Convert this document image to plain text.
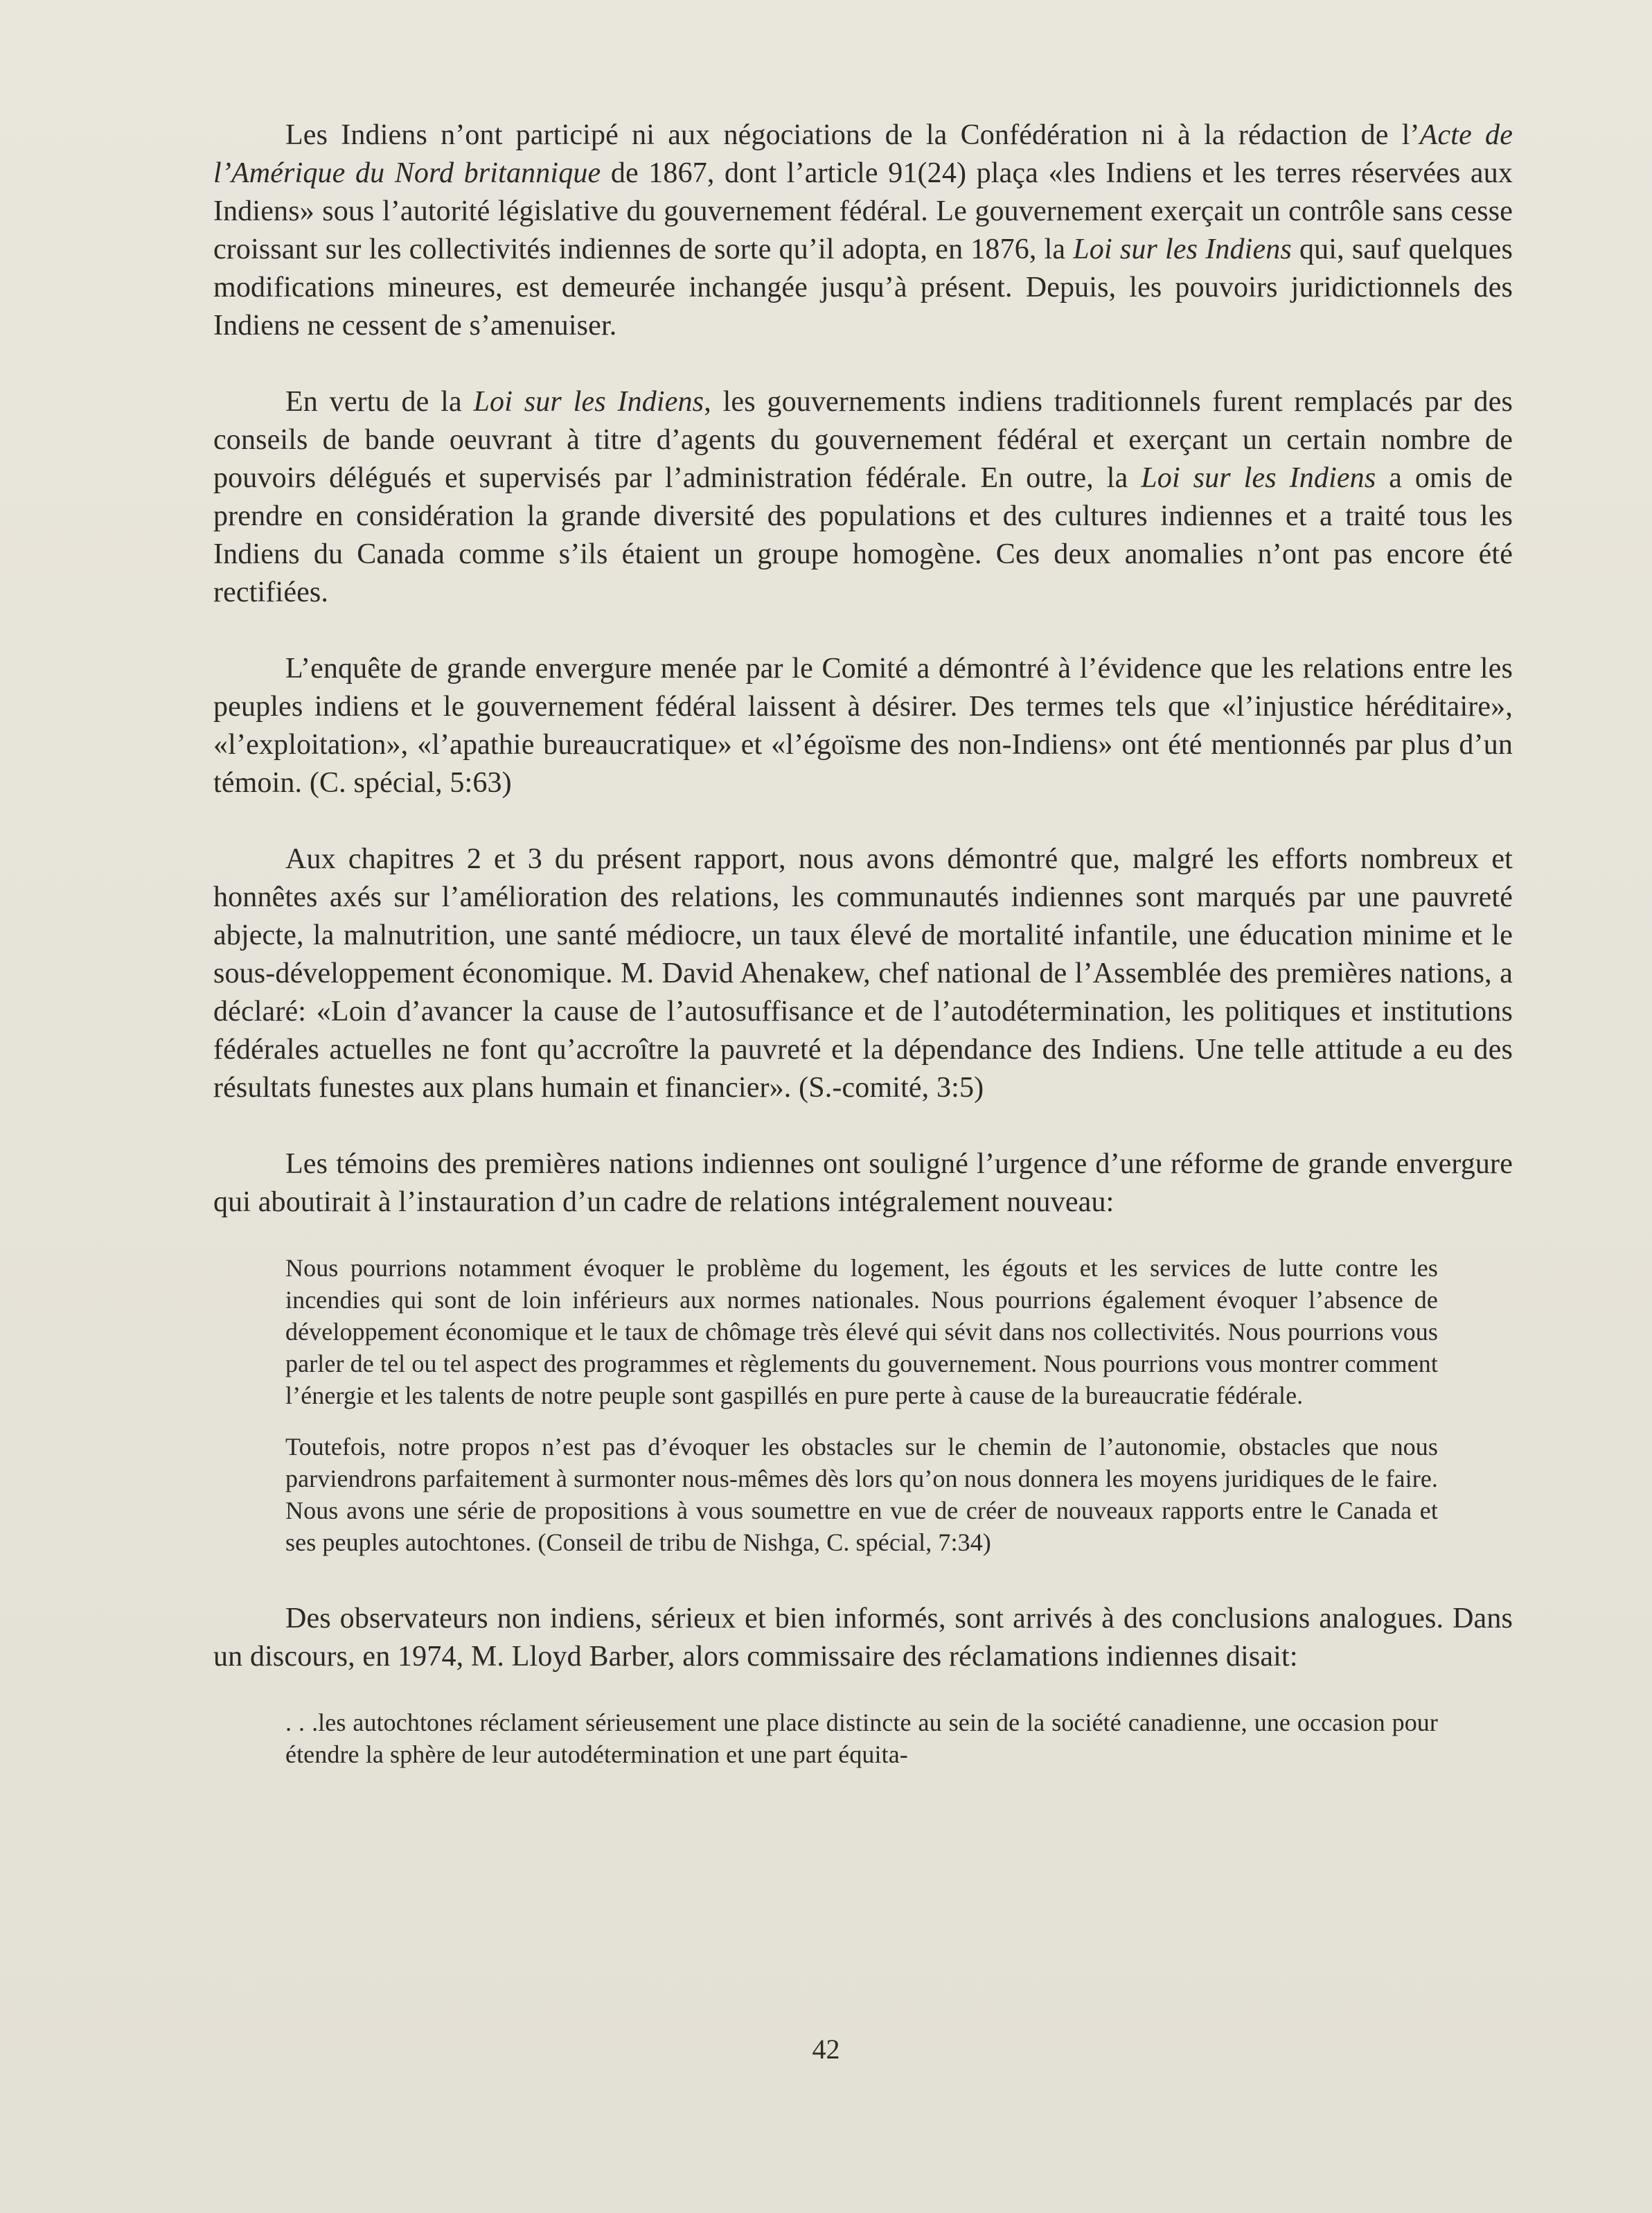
Les Indiens n’ont participé ni aux négociations de la Confédération ni à la rédaction de l’Acte de l’Amérique du Nord britannique de 1867, dont l’article 91(24) plaça «les Indiens et les terres réservées aux Indiens» sous l’autorité législative du gouvernement fédéral. Le gouvernement exerçait un contrôle sans cesse croissant sur les collectivités indiennes de sorte qu’il adopta, en 1876, la Loi sur les Indiens qui, sauf quelques modifications mineures, est demeurée inchangée jusqu’à présent. Depuis, les pouvoirs juridictionnels des Indiens ne cessent de s’amenuiser.

En vertu de la Loi sur les Indiens, les gouvernements indiens traditionnels furent remplacés par des conseils de bande oeuvrant à titre d’agents du gouvernement fédéral et exerçant un certain nombre de pouvoirs délégués et supervisés par l’administration fédérale. En outre, la Loi sur les Indiens a omis de prendre en considération la grande diversité des populations et des cultures indiennes et a traité tous les Indiens du Canada comme s’ils étaient un groupe homogène. Ces deux anomalies n’ont pas encore été rectifiées.

L’enquête de grande envergure menée par le Comité a démontré à l’évidence que les relations entre les peuples indiens et le gouvernement fédéral laissent à désirer. Des termes tels que «l’injustice héréditaire», «l’exploitation», «l’apathie bureaucratique» et «l’égoïsme des non-Indiens» ont été mentionnés par plus d’un témoin. (C. spécial, 5:63)

Aux chapitres 2 et 3 du présent rapport, nous avons démontré que, malgré les efforts nombreux et honnêtes axés sur l’amélioration des relations, les communautés indiennes sont marqués par une pauvreté abjecte, la malnutrition, une santé médiocre, un taux élevé de mortalité infantile, une éducation minime et le sous-développement économique. M. David Ahenakew, chef national de l’Assemblée des premières nations, a déclaré: «Loin d’avancer la cause de l’autosuffisance et de l’autodétermination, les politiques et institutions fédérales actuelles ne font qu’accroître la pauvreté et la dépendance des Indiens. Une telle attitude a eu des résultats funestes aux plans humain et financier». (S.-comité, 3:5)

Les témoins des premières nations indiennes ont souligné l’urgence d’une réforme de grande envergure qui aboutirait à l’instauration d’un cadre de relations intégralement nouveau:

Nous pourrions notamment évoquer le problème du logement, les égouts et les services de lutte contre les incendies qui sont de loin inférieurs aux normes nationales. Nous pourrions également évoquer l’absence de développement économique et le taux de chômage très élevé qui sévit dans nos collectivités. Nous pourrions vous parler de tel ou tel aspect des programmes et règlements du gouvernement. Nous pourrions vous montrer comment l’énergie et les talents de notre peuple sont gaspillés en pure perte à cause de la bureaucratie fédérale.

Toutefois, notre propos n’est pas d’évoquer les obstacles sur le chemin de l’autonomie, obstacles que nous parviendrons parfaitement à surmonter nous-mêmes dès lors qu’on nous donnera les moyens juridiques de le faire. Nous avons une série de propositions à vous soumettre en vue de créer de nouveaux rapports entre le Canada et ses peuples autochtones. (Conseil de tribu de Nishga, C. spécial, 7:34)

Des observateurs non indiens, sérieux et bien informés, sont arrivés à des conclusions analogues. Dans un discours, en 1974, M. Lloyd Barber, alors commissaire des réclamations indiennes disait:

. . .les autochtones réclament sérieusement une place distincte au sein de la société canadienne, une occasion pour étendre la sphère de leur autodétermination et une part équita-

42
